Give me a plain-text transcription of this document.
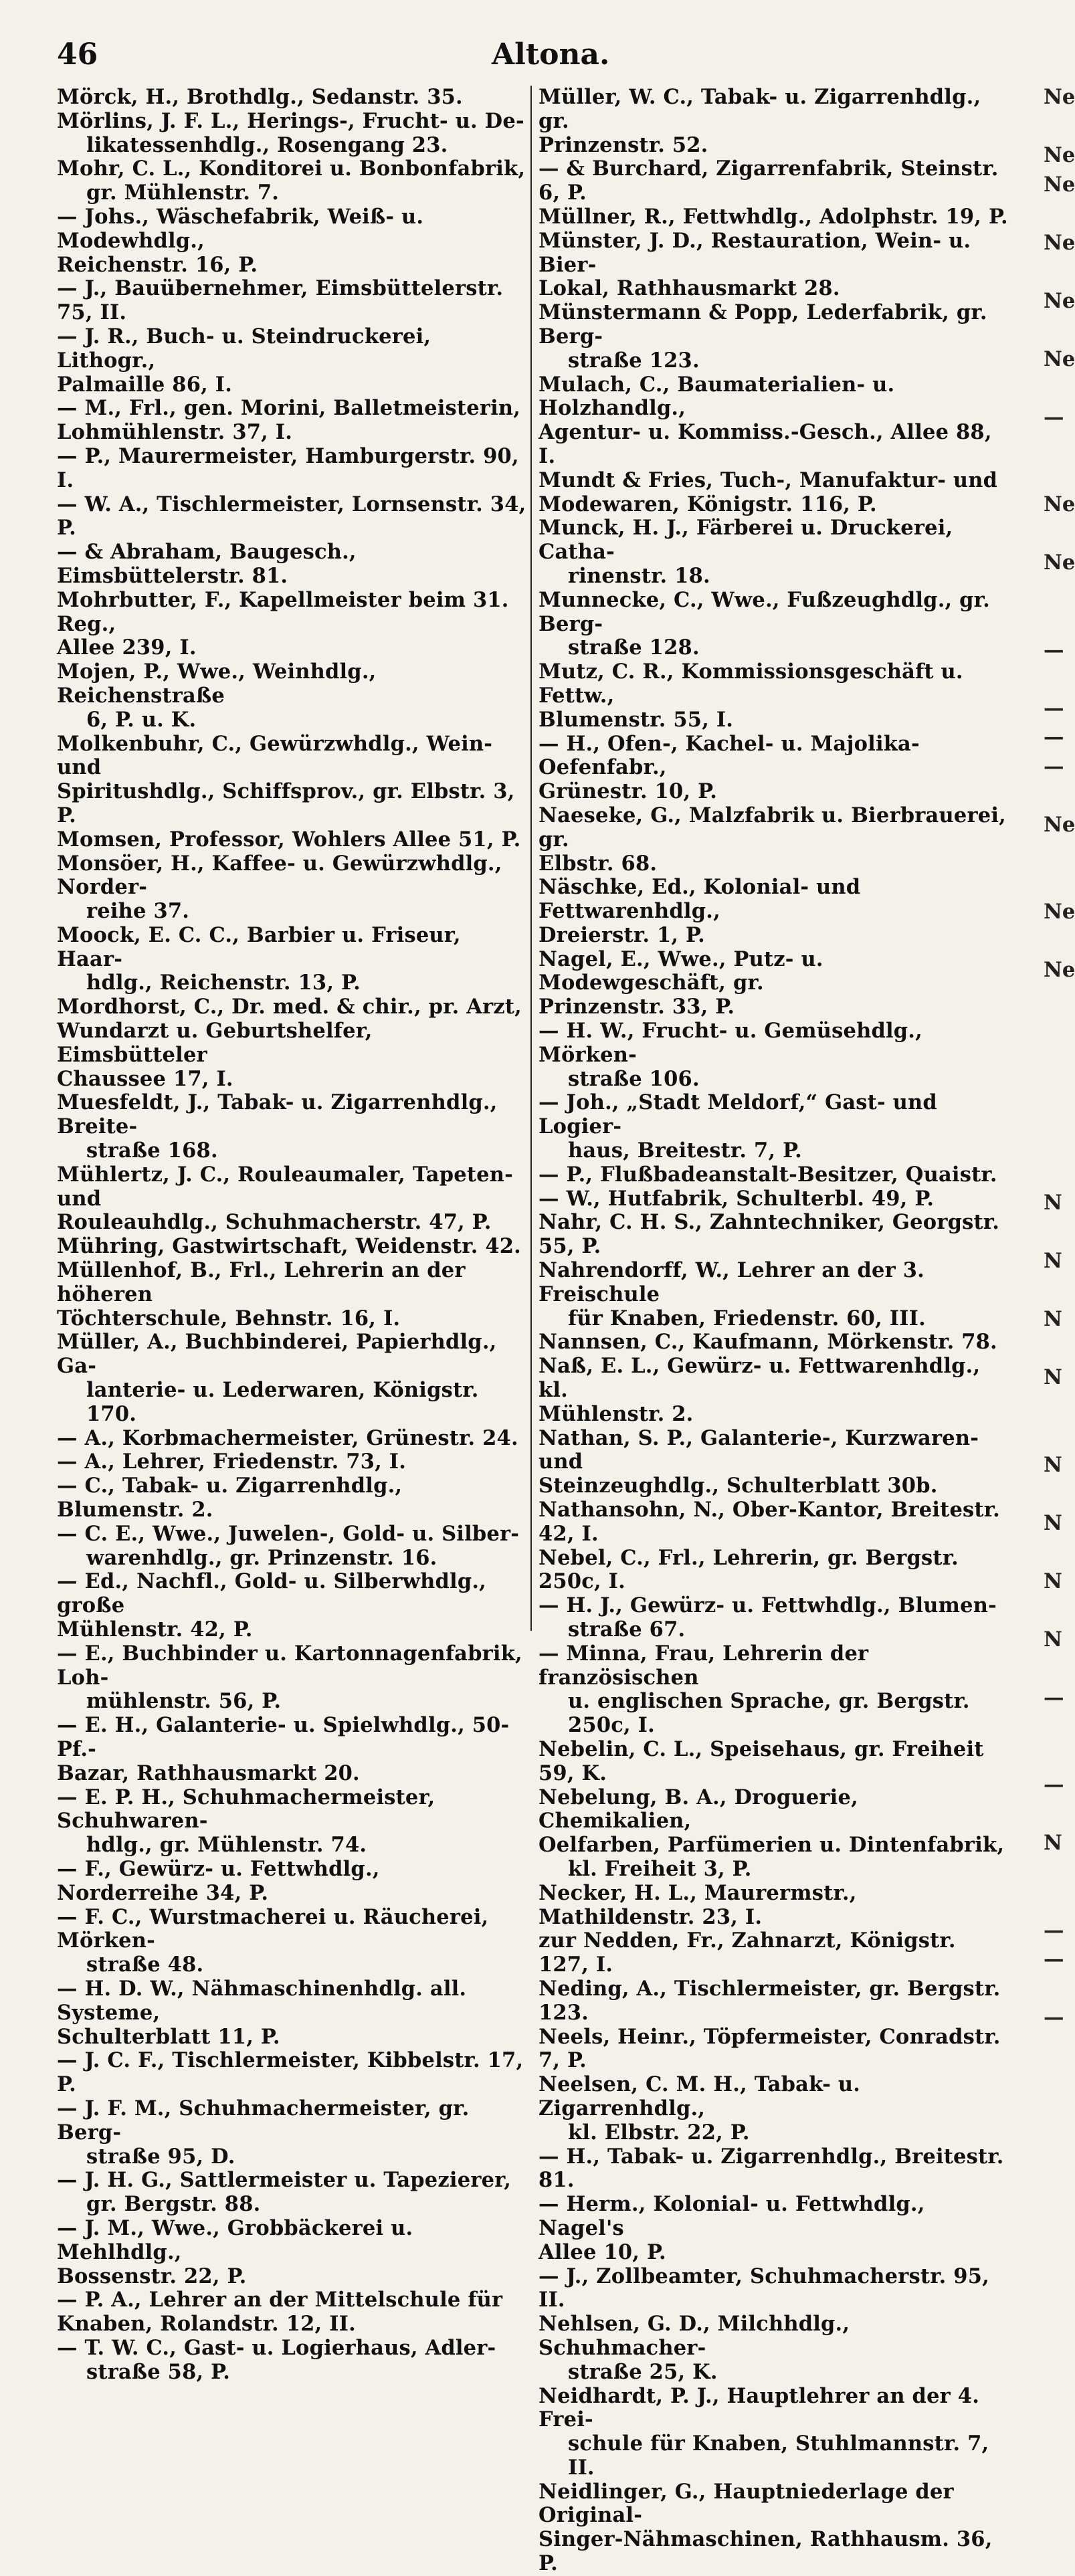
46	Altona.
Mörck, H., Brothdlg., Sedanstr. 35.
Mörlins, J. F. L., Herings-, Frucht- u. De-
likatessenhdlg., Rosengang 23.
Mohr, C. L., Konditorei u. Bonbonfabrik,
gr. Mühlenstr. 7.
— Johs., Wäschefabrik, Weiß- u. Modewhdlg.,
Reichenstr. 16, P.
— J., Bauübernehmer, Eimsbüttelerstr. 75, II.
— J. R., Buch- u. Steindruckerei, Lithogr.,
Palmaille 86, I.
— M., Frl., gen. Morini, Balletmeisterin,
Lohmühlenstr. 37, I.
— P., Maurermeister, Hamburgerstr. 90, I.
— W. A., Tischlermeister, Lornsenstr. 34, P.
— & Abraham, Baugesch., Eimsbüttelerstr. 81.
Mohrbutter, F., Kapellmeister beim 31. Reg.,
Allee 239, I.
Mojen, P., Wwe., Weinhdlg., Reichenstraße
6, P. u. K.
Molkenbuhr, C., Gewürzwhdlg., Wein- und
Spiritushdlg., Schiffsprov., gr. Elbstr. 3, P.
Momsen, Professor, Wohlers Allee 51, P.
Monsöer, H., Kaffee- u. Gewürzwhdlg., Norder-
reihe 37.
Moock, E. C. C., Barbier u. Friseur, Haar-
hdlg., Reichenstr. 13, P.
Mordhorst, C., Dr. med. & chir., pr. Arzt,
Wundarzt u. Geburtshelfer, Eimsbütteler
Chaussee 17, I.
Muesfeldt, J., Tabak- u. Zigarrenhdlg., Breite-
straße 168.
Mühlertz, J. C., Rouleaumaler, Tapeten- und
Rouleauhdlg., Schuhmacherstr. 47, P.
Mühring, Gastwirtschaft, Weidenstr. 42.
Müllenhof, B., Frl., Lehrerin an der höheren
Töchterschule, Behnstr. 16, I.
Müller, A., Buchbinderei, Papierhdlg., Ga-
lanterie- u. Lederwaren, Königstr. 170.
— A., Korbmachermeister, Grünestr. 24.
— A., Lehrer, Friedenstr. 73, I.
— C., Tabak- u. Zigarrenhdlg., Blumenstr. 2.
— C. E., Wwe., Juwelen-, Gold- u. Silber-
warenhdlg., gr. Prinzenstr. 16.
— Ed., Nachfl., Gold- u. Silberwhdlg., große
Mühlenstr. 42, P.
— E., Buchbinder u. Kartonnagenfabrik, Loh-
mühlenstr. 56, P.
— E. H., Galanterie- u. Spielwhdlg., 50-Pf.-
Bazar, Rathhausmarkt 20.
— E. P. H., Schuhmachermeister, Schuhwaren-
hdlg., gr. Mühlenstr. 74.
— F., Gewürz- u. Fettwhdlg., Norderreihe 34, P.
— F. C., Wurstmacherei u. Räucherei, Mörken-
straße 48.
— H. D. W., Nähmaschinenhdlg. all. Systeme,
Schulterblatt 11, P.
— J. C. F., Tischlermeister, Kibbelstr. 17, P.
— J. F. M., Schuhmachermeister, gr. Berg-
straße 95, D.
— J. H. G., Sattlermeister u. Tapezierer,
gr. Bergstr. 88.
— J. M., Wwe., Grobbäckerei u. Mehlhdlg.,
Bossenstr. 22, P.
— P. A., Lehrer an der Mittelschule für
Knaben, Rolandstr. 12, II.
— T. W. C., Gast- u. Logierhaus, Adler-
straße 58, P.
Müller, W. C., Tabak- u. Zigarrenhdlg., gr.
Prinzenstr. 52.
— & Burchard, Zigarrenfabrik, Steinstr. 6, P.
Müllner, R., Fettwhdlg., Adolphstr. 19, P.
Münster, J. D., Restauration, Wein- u. Bier-
Lokal, Rathhausmarkt 28.
Münstermann & Popp, Lederfabrik, gr. Berg-
straße 123.
Mulach, C., Baumaterialien- u. Holzhandlg.,
Agentur- u. Kommiss.-Gesch., Allee 88, I.
Mundt & Fries, Tuch-, Manufaktur- und
Modewaren, Königstr. 116, P.
Munck, H. J., Färberei u. Druckerei, Catha-
rinenstr. 18.
Munnecke, C., Wwe., Fußzeughdlg., gr. Berg-
straße 128.
Mutz, C. R., Kommissionsgeschäft u. Fettw.,
Blumenstr. 55, I.
— H., Ofen-, Kachel- u. Majolika-Oefenfabr.,
Grünestr. 10, P.
Naeseke, G., Malzfabrik u. Bierbrauerei, gr.
Elbstr. 68.
Näschke, Ed., Kolonial- und Fettwarenhdlg.,
Dreierstr. 1, P.
Nagel, E., Wwe., Putz- u. Modewgeschäft, gr.
Prinzenstr. 33, P.
— H. W., Frucht- u. Gemüsehdlg., Mörken-
straße 106.
— Joh., „Stadt Meldorf,“ Gast- und Logier-
haus, Breitestr. 7, P.
— P., Flußbadeanstalt-Besitzer, Quaistr.
— W., Hutfabrik, Schulterbl. 49, P.
Nahr, C. H. S., Zahntechniker, Georgstr. 55, P.
Nahrendorff, W., Lehrer an der 3. Freischule
für Knaben, Friedenstr. 60, III.
Nannsen, C., Kaufmann, Mörkenstr. 78.
Naß, E. L., Gewürz- u. Fettwarenhdlg., kl.
Mühlenstr. 2.
Nathan, S. P., Galanterie-, Kurzwaren- und
Steinzeughdlg., Schulterblatt 30b.
Nathansohn, N., Ober-Kantor, Breitestr. 42, I.
Nebel, C., Frl., Lehrerin, gr. Bergstr. 250c, I.
— H. J., Gewürz- u. Fettwhdlg., Blumen-
straße 67.
— Minna, Frau, Lehrerin der französischen
u. englischen Sprache, gr. Bergstr. 250c, I.
Nebelin, C. L., Speisehaus, gr. Freiheit 59, K.
Nebelung, B. A., Droguerie, Chemikalien,
Oelfarben, Parfümerien u. Dintenfabrik,
kl. Freiheit 3, P.
Necker, H. L., Maurermstr., Mathildenstr. 23, I.
zur Nedden, Fr., Zahnarzt, Königstr. 127, I.
Neding, A., Tischlermeister, gr. Bergstr. 123.
Neels, Heinr., Töpfermeister, Conradstr. 7, P.
Neelsen, C. M. H., Tabak- u. Zigarrenhdlg.,
kl. Elbstr. 22, P.
— H., Tabak- u. Zigarrenhdlg., Breitestr. 81.
— Herm., Kolonial- u. Fettwhdlg., Nagel's
Allee 10, P.
— J., Zollbeamter, Schuhmacherstr. 95, II.
Nehlsen, G. D., Milchhdlg., Schuhmacher-
straße 25, K.
Neidhardt, P. J., Hauptlehrer an der 4. Frei-
schule für Knaben, Stuhlmannstr. 7, II.
Neidlinger, G., Hauptniederlage der Original-
Singer-Nähmaschinen, Rathhausm. 36, P.
Ne
Ne
Ne
Ne
Ne
Ne
—
Ne
Ne
—
—
—
—
Ne
Ne
Ne
N
N
N
N
N
N
N
N
—
—
N
—
—
—
